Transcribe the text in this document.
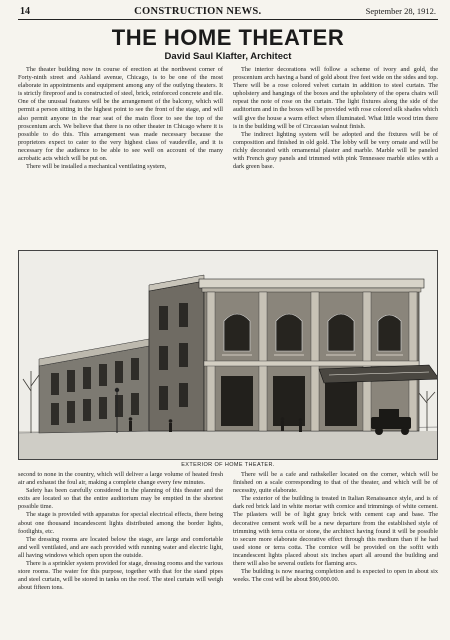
14	CONSTRUCTION NEWS.	September 28, 1912.
THE HOME THEATER
David Saul Klafter, Architect

The theater building now in course of erection at the northwest corner of Forty-ninth street and Ashland avenue, Chicago, is to be one of the most elaborate in appointments and equipment among any of the outlying theaters. It is strictly fireproof and is constructed of steel, brick, reinforced concrete and tile. One of the unusual features will be the arrangement of the balcony, which will permit a person sitting in the highest point to see the front of the stage, and will also permit anyone in the rear seat of the main floor to see the top of the proscenium arch. We believe that there is no other theater in Chicago where it is possible to do this. This arrangement was made necessary because the proprietors expect to cater to the very highest class of vaudeville, and it is necessary for the audience to be able to see well on account of the many acrobatic acts which will be put on.

There will be installed a mechanical ventilating system,

The interior decorations will follow a scheme of ivory and gold, the proscenium arch having a band of gold about five feet wide on the sides and top. There will be a rose colored velvet curtain in addition to steel curtain. The upholstery and hangings of the boxes and the upholstery of the opera chairs will repeat the note of rose on the curtain. The light fixtures along the side of the auditorium and in the boxes will be provided with rose colored silk shades which will give the house a warm effect when illuminated. What little wood trim there is in the building will be of Circassian walnut finish.

The indirect lighting system will be adopted and the fixtures will be of composition and finished in old gold. The lobby will be very ornate and will be richly decorated with ornamental plaster and marble. Marble will be paneled with French gray panels and trimmed with pink Tennessee marble stiles with a dark green base.

EXTERIOR OF HOME THEATER.

second to none in the country, which will deliver a large volume of heated fresh air and exhaust the foul air, making a complete change every few minutes.

Safety has been carefully considered in the planning of this theater and the exits are located so that the entire auditorium may be emptied in the shortest possible time.

The stage is provided with apparatus for special electrical effects, there being about one thousand incandescent lights distributed among the border lights, footlights, etc.

The dressing rooms are located below the stage, are large and comfortable and well ventilated, and are each provided with running water and electric light, all having windows which open upon the outside.

There is a sprinkler system provided for stage, dressing rooms and the various store rooms. The water for this purpose, together with that for the stand pipes and steel curtain, will be stored in tanks on the roof. The steel curtain will weigh about fifteen tons.

There will be a cafe and rathskeller located on the corner, which will be finished on a scale corresponding to that of the theater, and which will be of necessity, quite elaborate.

The exterior of the building is treated in Italian Renaissance style, and is of dark red brick laid in white mortar with cornice and trimmings of white cement. The pilasters will be of light gray brick with cement cap and base. The decorative cement work will be a new departure from the established style of trimming with terra cotta or stone, the architect having found it will be possible to secure more elaborate decorative effect through this medium than if he had used stone or terra cotta. The cornice will be provided on the soffit with incandescent lights placed about six inches apart all around the building and there will also be several outlets for flaming arcs.

The building is now nearing completion and is expected to open in about six weeks. The cost will be about $90,000.00.
